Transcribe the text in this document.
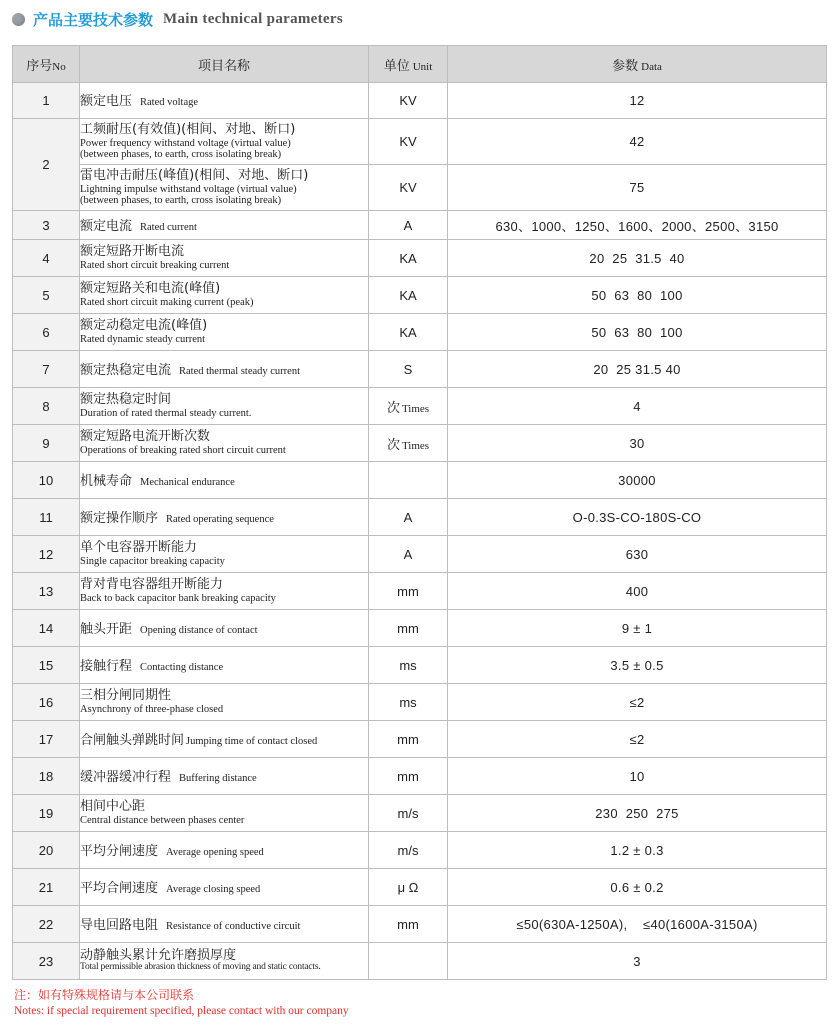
产品主要技术参数 Main technical parameters
序号No	项目名称	单位 Unit	参数 Data
1	额定电压 Rated voltage	KV	12
2	工频耐压(有效值)(相间、对地、断口)
Power frequency withstand voltage (virtual value)
(between phases, to earth, cross isolating break)	KV	42

	雷电冲击耐压(峰值)(相间、对地、断口)
Lightning impulse withstand voltage (virtual value)
(between phases, to earth, cross isolating break)	KV	75
3	额定电流 Rated current	A	630、1000、1250、1600、2000、2500、3150
4	额定短路开断电流
Rated short circuit breaking current	KA	20  25  31.5  40
5	额定短路关和电流(峰值)
Rated short circuit making current (peak)	KA	50  63  80  100
6	额定动稳定电流(峰值)
Rated dynamic steady current	KA	50  63  80  100
7	额定热稳定电流 Rated thermal steady current	S	20  25 31.5 40
8	额定热稳定时间
Duration of rated thermal steady current.	次 Times	4
9	额定短路电流开断次数
Operations of breaking rated short circuit current	次 Times	30
10	机械寿命 Mechanical endurance		30000
11	额定操作顺序 Rated operating sequence	A	O-0.3S-CO-180S-CO
12	单个电容器开断能力
Single capacitor breaking capacity	A	630
13	背对背电容器组开断能力
Back to back capacitor bank breaking capacity	mm	400
14	触头开距 Opening distance of contact	mm	9 ± 1
15	接触行程 Contacting distance	ms	3.5 ± 0.5
16	三相分闸同期性
Asynchrony of three-phase closed	ms	≤2
17	合闸触头弹跳时间 Jumping time of contact closed	mm	≤2
18	缓冲器缓冲行程 Buffering distance	mm	10
19	相间中心距
Central distance between phases center	m/s	230  250  275
20	平均分闸速度 Average opening speed	m/s	1.2 ± 0.3
21	平均合闸速度 Average closing speed	μ Ω	0.6 ± 0.2
22	导电回路电阻 Resistance of conductive circuit	mm	≤50(630A-1250A),    ≤40(1600A-3150A)
23	动静触头累计允许磨损厚度
Total permissible abrasion thickness of moving and static contacts.		3
注：如有特殊规格请与本公司联系
Notes: if special requirement specified, please contact with our company
